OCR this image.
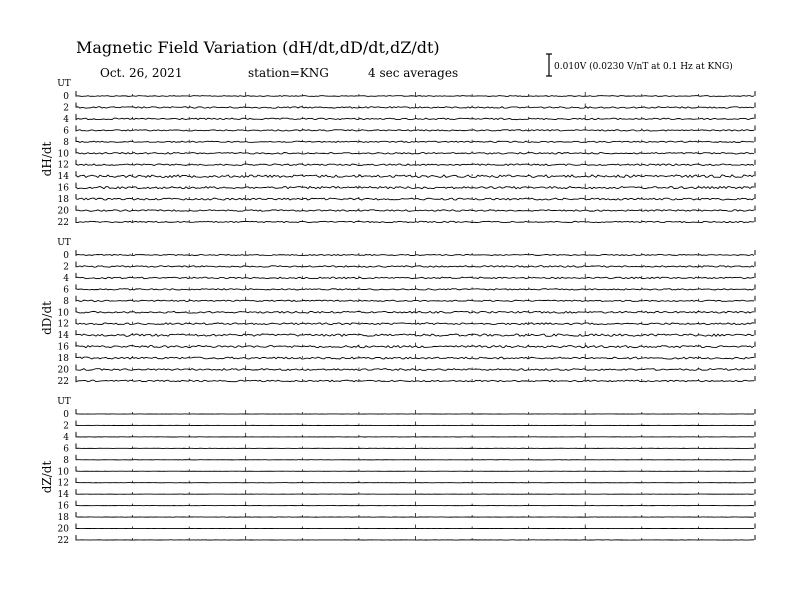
Magnetic Field Variation (dH/dt,dD/dt,dZ/dt)
Oct. 26, 2021	station=KNG	4 sec averages	0.010V (0.0230 V/nT at 0.1 Hz at KNG)
UT
dH/dt
0
2
4
6
8
10
12
14
16
18
20
22
UT
dD/dt
0
2
4
6
8
10
12
14
16
18
20
22
UT
dZ/dt
0
2
4
6
8
10
12
14
16
18
20
22
